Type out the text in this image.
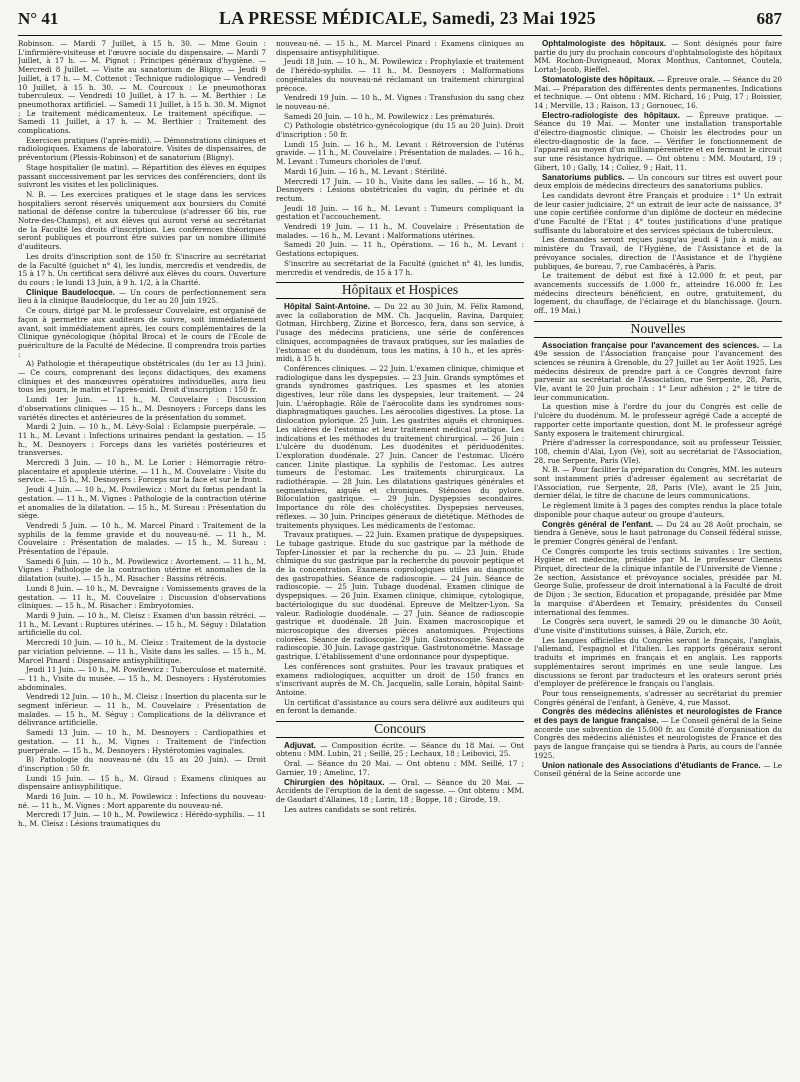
N° 41	LA PRESSE MÉDICALE, Samedi, 23 Mai 1925	687

Robinson. — Mardi 7 Juillet, à 15 h. 30. — Mme Gouin : L'infirmière-visiteuse et l'œuvre sociale du dispensaire. — Mardi 7 Juillet, à 17 h. — M. Pignot : Principes généraux d'hygiène. — Mercredi 8 Juillet. — Visite au sanatorium de Bligny. — Jeudi 9 Juillet, à 17 h. — M. Cottenot : Technique radiologique — Vendredi 10 Juillet, à 15 h. 30. — M. Courcoux : Le pneumothorax tuberculeux. — Vendredi 10 Juillet, à 17 h. — M. Berthier : Le pneumothorax artificiel. — Samedi 11 Juillet, à 15 h. 30. M. Mignot : Le traitement médicamenteux. Le traitement spécifique. — Samedi 11 Juillet, à 17 h. — M. Berthier : Traitement des complications.

Exercices pratiques (l'après-midi). — Démonstrations cliniques et radiologiques. Examens de laboratoire. Visites de dispensaires, de préventorium (Plessis-Robinson) et de sanatorium (Bligny).

Stage hospitalier (le matin). — Répartition des élèves en équipes passant successivement par les services des conférenciers, dont ils suivront les visites et les policliniques.

N. B. — Les exercices pratiques et le stage dans les services hospitaliers seront réservés uniquement aux boursiers du Comité national de défense contre la tuberculose (s'adresser 66 bis, rue Notre-des-Champs), et aux élèves qui auront versé au secrétariat de la Faculté les droits d'inscription. Les conférences théoriques seront publiques et pourront être suivies par un nombre illimité d'auditeurs.

Les droits d'inscription sont de 150 fr. S'inscrire au secrétariat de la Faculté (guichet n° 4), les lundis, mercredis et vendredis, de 15 à 17 h. Un certificat sera délivré aux élèves du cours. Ouverture du cours : le lundi 13 Juin, à 9 h. 1/2, à la Charité.

Clinique Baudelocque. — Un cours de perfectionnement sera lieu à la clinique Baudelocque, du 1er au 20 Juin 1925.

Ce cours, dirigé par M. le professeur Couvelaire, est organisé de façon à permettre aux auditeurs de suivre, soit immédiatement avant, soit immédiatement après, les cours complémentaires de la Clinique gynécologique (hôpital Broca) et le cours de l'Ecole de puériculture de la Faculté de Médecine. Il comprendra trois parties :

A) Pathologie et thérapeutique obstétricales (du 1er au 13 Juin). — Ce cours, comprenant des leçons didactiques, des examens cliniques et des manœuvres opératoires individuelles, aura lieu tous les jours, le matin et l'après-midi. Droit d'inscription : 150 fr.

Lundi 1er Juin. — 11 h., M. Couvelaire : Discussion d'observations cliniques — 15 h., M. Desnoyers : Forceps dans les variétés directes et antérieures de la présentation du sommet.

Mardi 2 Juin. — 10 h., M. Lévy-Solal : Eclampsie puerpérale. — 11 h., M. Levant : Infections urinaires pendant la gestation. — 15 h., M. Desnoyers : Forceps dans les variétés postérieures et transverses.

Mercredi 3 Juin. — 10 h., M. Le Lorier : Hémorragie rétro-placentaire et apoplexie utérine. — 11 h., M. Couvelaire : Visite du service. — 15 h., M. Desnoyers : Forceps sur la face et sur le front.

Jeudi 4 Juin. — 10 h., M. Powilewicz : Mort du fœtus pendant la gestation. — 11 h., M. Vignes : Pathologie de la contraction utérine et anomalies de la dilatation. — 15 h., M. Sureau : Présentation du siège.

Vendredi 5 Juin. — 10 h., M. Marcel Pinard : Traitement de la syphilis de la femme gravide et du nouveau-né. — 11 h., M. Couvelaire : Présentation de malades. — 15 h., M. Sureau : Présentation de l'épaule.

Samedi 6 Juin. — 10 h., M. Powilewicz : Avortement. — 11 h., M. Vignes : Pathologie de la contraction utérine et anomalies de la dilatation (suite). — 15 h., M. Risacher : Bassins rétrécis.

Lundi 8 Juin. — 10 h., M. Devraigne : Vomissements graves de la gestation. — 11 h., M. Couvelaire : Discussion d'observations cliniques. — 15 h., M. Risacher : Embryotomies.

Mardi 9 Juin. — 10 h., M. Cleisz : Examen d'un bassin rétréci. — 11 h., M. Levant : Ruptures utérines. — 15 h., M. Séguy : Dilatation artificielle du col.

Mercredi 10 Juin. — 10 h., M. Cleisz : Traitement de la dystocie par viciation pelvienne. — 11 h., Visite dans les salles. — 15 h., M. Marcel Pinard : Dispensaire antisyphilitique.

Jeudi 11 Juin. — 10 h., M. Powilewicz : Tuberculose et maternité. — 11 h., Visite du musée. — 15 h., M. Desnoyers : Hystérotomies abdominales.

Vendredi 12 Juin. — 10 h., M. Cleisz : Insertion du placenta sur le segment inférieur. — 11 h., M. Couvelaire : Présentation de malades. — 15 h., M. Séguy : Complications de la délivrance et délivrance artificielle.

Samedi 13 Juin. — 10 h., M. Desnoyers : Cardiopathies et gestation. — 11 h., M. Vignes : Traitement de l'infection puerpérale. — 15 h., M. Desnoyers : Hystérotomies vaginales.

B) Pathologie du nouveau-né (du 15 au 20 Juin). — Droit d'inscription : 50 fr.

Lundi 15 Juin. — 15 h., M. Giraud : Examens cliniques au dispensaire antisyphilitique.

Mardi 16 Juin. — 10 h., M. Powilewicz : Infections du nouveau-né. — 11 h., M. Vignes : Mort apparente du nouveau-né.

Mercredi 17 Juin. — 10 h., M. Powilewicz : Hérédo-syphilis. — 11 h., M. Cleisz : Lésions traumatiques du

nouveau-né. — 15 h., M. Marcel Pinard : Examens cliniques au dispensaire antisyphilitique.

Jeudi 18 Juin. — 10 h., M. Powilewicz : Prophylaxie et traitement de l'hérédo-syphilis. — 11 h., M. Desnoyers : Malformations congénitales du nouveau-né réclamant un traitement chirurgical précoce.

Vendredi 19 Juin. — 10 h., M. Vignes : Transfusion du sang chez le nouveau-né.

Samedi 20 Juin. — 10 h., M. Powilewicz : Les prématurés.

C) Pathologie obstétrico-gynécologique (du 15 au 20 Juin). Droit d'inscription : 50 fr.

Lundi 15 Juin. — 16 h., M. Levant : Rétroversion de l'utérus gravide. — 11 h., M. Couvelaire : Présentation de malades. — 16 h., M. Levant : Tumeurs chorioles de l'œuf.

Mardi 16 Juin. — 16 h., M. Levant : Stérilité.

Mercredi 17 Juin. — 10 h., Visite dans les salles. — 16 h., M. Desnoyers : Lésions obstétricales du vagin, du périnée et du rectum.

Jeudi 18 Juin. — 16 h., M. Levant : Tumeurs compliquant la gestation et l'accouchement.

Vendredi 19 Juin. — 11 h., M. Couvelaire : Présentation de malades. — 16 h., M. Levant : Malformations utérines.

Samedi 20 Juin. — 11 h., Opérations. — 16 h., M. Levant : Gestations ectopiques.

S'inscrire au secrétariat de la Faculté (guichet n° 4), les lundis, mercredis et vendredis, de 15 à 17 h.

Hôpitaux et Hospices

Hôpital Saint-Antoine. — Du 22 au 30 Juin, M. Félix Ramond, avec la collaboration de MM. Ch. Jacquelin, Ravina, Darquier, Gotman, Hirchberg, Zizine et Borcesco, fera, dans son service, à l'usage des médecins praticiens, une série de conférences cliniques, accompagnées de travaux pratiques, sur les maladies de l'estomac et du duodénum, tous les matins, à 10 h., et les après-midi, à 15 h.

Conférences cliniques. — 22 Juin. L'examen clinique, chimique et radiologique dans les dyspepsies. — 23 Juin. Grands symptômes et grands syndromes gastriques. Les spasmes et les atonies digestives, leur rôle dans les dyspepsies, leur traitement. — 24 Juin. L'aérophagie. Rôle de l'aérocolite dans les syndromes sous-diaphragmatiques gauches. Les aérocolies digestives. La ptose. La dislocation pylorique. 25 Juin. Les gastrites aiguës et chroniques. Les ulcères de l'estomac et leur traitement médical pratique. Les indications et les méthodes du traitement chirurgical. — 26 Juin : L'ulcère du duodénum. Les duodénites et périduodénites. L'exploration duodénale. 27 Juin. Cancer de l'estomac. Ulcéro cancer. Linite plastique. La syphilis de l'estomac. Les autres tumeurs de l'estomac. Les traitements chirurgicaux. La radiothérapie. — 28 Juin. Les dilatations gastriques générales et segmentaires, aiguës et chroniques. Sténoses du pylore. Biloculation gastrique. — 29 Juin. Dyspepsies secondaires. Importance du rôle des cholécystites. Dyspepsies nerveuses, réflexes. — 30 Juin. Principes généraux de diététique. Méthodes de traitements physiques. Les médicaments de l'estomac.

Travaux pratiques. — 22 Juin. Examen pratique de dyspepsiques. Le tubage gastrique. Etude du suc gastrique par la méthode de Topfer-Linossier et par la recherche du pu. — 23 Juin. Etude chimique du suc gastrique par la recherche du pouvoir peptique et de la concentration. Examens coprologiques utiles au diagnostic des gastropathies. Séance de radioscopie. — 24 Juin. Séance de radioscopie. — 25 Juin. Tubage duodénal. Examen clinique de dyspepsiques. — 26 Juin. Examen clinique, chimique, cytologique, bactériologique du suc duodénal. Epreuve de Meltzer-Lyon. Sa valeur. Radiologie duodénale. — 27 Juin. Séance de radioscopie gastrique et duodénale. 28 Juin. Examen macroscopique et microscopique des diverses pièces anatomiques. Projections colorées. Séance de radioscopie. 29 Juin. Gastroscopie. Séance de radioscopie. 30 Juin. Lavage gastrique. Gastrotonométrie. Massage gastrique. L'établissement d'une ordonnance pour dyspeptique.

Les conférences sont gratuites. Pour les travaux pratiques et examens radiologiques, acquitter un droit de 150 francs en s'inscrivant auprès de M. Ch. Jacquelin, salle Lorain, hôpital Saint-Antoine.

Un certificat d'assistance au cours sera délivré aux auditeurs qui en feront la demande.

Concours

Adjuvat. — Composition écrite. — Séance du 18 Mai. — Ont obtenu : MM. Lubin, 21 ; Seillé, 25 ; Lechaux, 18 ; Leibovici, 25.

Oral. — Séance du 20 Mai. — Ont obtenu : MM. Seillé, 17 ; Garnier, 19 ; Amelinc, 17.

Chirurgien des hôpitaux. — Oral. — Séance du 20 Mai. — Accidents de l'éruption de la dent de sagesse. — Ont obtenu : MM. de Gaudart d'Allaines, 18 ; Lorin, 18 ; Boppe, 18 ; Girode, 19.

Les autres candidats se sont retirés.

Ophtalmologiste des hôpitaux. — Sont désignés pour faire partie du jury du prochain concours d'ophtalmologiste des hôpitaux MM. Rochon-Duvigneaud, Morax Monthus, Cantonnet, Coutela, Lortat-Jacob, Rieffel.

Stomatologiste des hôpitaux. — Épreuve orale. — Séance du 20 Mai. — Préparation des différentes dents permanentes. Indications et technique. — Ont obtenu : MM. Richard, 16 ; Puig, 17 ; Boissier, 14 ; Merville, 13 ; Raison, 13 ; Gornouec, 16.

Electro-radiologiste des hôpitaux. — Épreuve pratique. — Séance du 19 Mai. — Monter une installation transportable d'électro-diagnostic clinique. — Choisir les électrodes pour un électro-diagnostic de la face. — Vérifier le fonctionnement de l'appareil au moyen d'un milliampèremètre et en fermant le circuit sur une résistance hydrique. — Ont obtenu : MM. Moutard, 19 ; Gibert, 10 ; Gally, 14 ; Coliez, 9 ; Hait, 11.

Sanatoriums publics. — Un concours sur titres est ouvert pour deux emplois de médecins directeurs des sanatoriums publics.

Les candidats devront être Français et produire : 1° Un extrait de leur casier judiciaire, 2° un extrait de leur acte de naissance, 3° une copie certifiée conforme d'un diplôme de docteur en médecine d'une Faculté de l'Etat ; 4° toutes justifications d'une pratique suffisante du laboratoire et des services spéciaux de tuberculeux.

Les demandes seront reçues jusqu'au jeudi 4 Juin à midi, au ministère du Travail, de l'Hygiène, de l'Assistance et de la prévoyance sociales, direction de l'Assistance et de l'hygiène publiques, 4e bureau, 7, rue Cambacérès, à Paris.

Le traitement de début est fixé à 12.000 fr. et peut, par avancements successifs de 1.000 fr., atteindre 16.000 fr. Les médecins directeurs bénéficient, en outre, gratuitement, du logement, du chauffage, de l'éclairage et du blanchissage. (Journ. off., 19 Mai.)

Nouvelles

Association française pour l'avancement des sciences. — La 49e session de l'Association française pour l'avancement des sciences se réunira à Grenoble, du 27 Juillet au 1er Août 1925. Les médecins désireux de prendre part à ce Congrès devront faire parvenir au secrétariat de l'Association, rue Serpente, 28, Paris, VIe, avant le 20 Juin prochain : 1° Leur adhésion ; 2° le titre de leur communication.

La question mise à l'ordre du jour du Congrès est celle de l'ulcère du duodénum. M. le professeur agrégé Cade a accepté de rapporter cette importante question, dont M. le professeur agrégé Santy exposera le traitement chirurgical.

Prière d'adresser la correspondance, soit au professeur Teissier, 108, chemin d'Alai, Lyon (Ve), soit au secrétariat de l'Association, 28, rue Serpente, Paris (VIe).

N. B. — Pour faciliter la préparation du Congrès, MM. les auteurs sont instamment priés d'adresser également au secrétariat de l'Association, rue Serpente, 28, Paris (VIe), avant le 25 Juin, dernier délai, le titre de chacune de leurs communications.

Le règlement limite à 3 pages des comptes rendus la place totale disponible pour chaque auteur ou groupe d'auteurs.

Congrès général de l'enfant. — Du 24 au 28 Août prochain, se tiendra à Genève, sous le haut patronage du Conseil fédéral suisse, le premier Congrès général de l'enfant.

Ce Congrès comporte les trois sections suivantes : 1re section, Hygiène et médecine, présidée par M. le professeur Clemens Pirquet, directeur de la clinique infantile de l'Université de Vienne ; 2e section, Assistance et prévoyance sociales, présidée par M. George Sulie, professeur de droit international à la Faculté de droit de Dijon ; 3e section, Education et propagande, présidée par Mme la marquise d'Aberdeen et Temairy, présidentes du Conseil international des femmes.

Le Congrès sera ouvert, le samedi 29 ou le dimanche 30 Août, d'une visite d'institutions suisses, à Bâle, Zurich, etc.

Les langues officielles du Congrès seront le français, l'anglais, l'allemand, l'espagnol et l'italien. Les rapports généraux seront traduits et imprimés en français et en anglais. Les rapports supplémentaires seront imprimés en une seule langue. Les discussions se feront par traducteurs et les orateurs seront priés d'employer de préférence le français ou l'anglais.

Pour tous renseignements, s'adresser au secrétariat du premier Congrès général de l'enfant, à Genève, 4, rue Massot.

Congrès des médecins aliénistes et neurologistes de France et des pays de langue française. — Le Conseil général de la Seine accorde une subvention de 15.000 fr. au Comité d'organisation du Congrès des médecins aliénistes et neurologistes de France et des pays de langue française qui se tiendra à Paris, au cours de l'année 1925.

Union nationale des Associations d'étudiants de France. — Le Conseil général de la Seine accorde une
